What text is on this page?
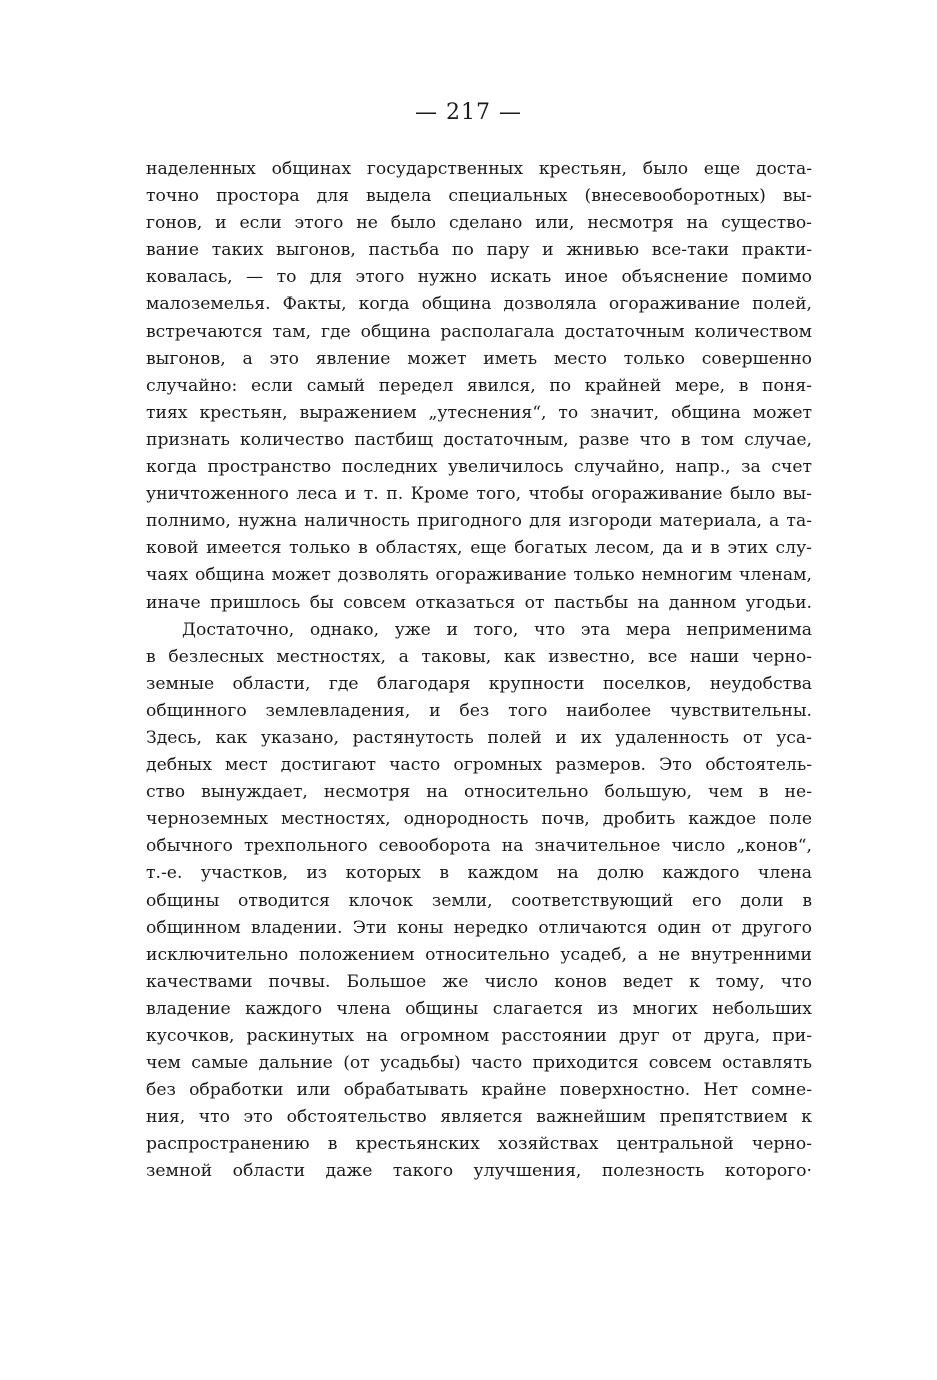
— 217 —
наделенных общинах государственных крестьян, было еще доста-
точно простора для выдела специальных (внесевооборотных) вы-
гонов, и если этого не было сделано или, несмотря на существо-
вание таких выгонов, пастьба по пару и жнивью все-таки практи-
ковалась, — то для этого нужно искать иное объяснение помимо
малоземелья. Факты, когда община дозволяла огораживание полей,
встречаются там, где община располагала достаточным количеством
выгонов, а это явление может иметь место только совершенно
случайно: если самый передел явился, по крайней мере, в поня-
тиях крестьян, выражением „утеснения“, то значит, община может
признать количество пастбищ достаточным, разве что в том случае,
когда пространство последних увеличилось случайно, напр., за счет
уничтоженного леса и т. п. Кроме того, чтобы огораживание было вы-
полнимо, нужна наличность пригодного для изгороди материала, а та-
ковой имеется только в областях, еще богатых лесом, да и в этих слу-
чаях община может дозволять огораживание только немногим членам,
иначе пришлось бы совсем отказаться от пастьбы на данном угодьи.
Достаточно, однако, уже и того, что эта мера неприменима
в безлесных местностях, а таковы, как известно, все наши черно-
земные области, где благодаря крупности поселков, неудобства
общинного землевладения, и без того наиболее чувствительны.
Здесь, как указано, растянутость полей и их удаленность от уса-
дебных мест достигают часто огромных размеров. Это обстоятель-
ство вынуждает, несмотря на относительно большую, чем в не-
черноземных местностях, однородность почв, дробить каждое поле
обычного трехпольного севооборота на значительное число „конов“,
т.-е. участков, из которых в каждом на долю каждого члена
общины отводится клочок земли, соответствующий его доли в
общинном владении. Эти коны нередко отличаются один от другого
исключительно положением относительно усадеб, а не внутренними
качествами почвы. Большое же число конов ведет к тому, что
владение каждого члена общины слагается из многих небольших
кусочков, раскинутых на огромном расстоянии друг от друга, при-
чем самые дальние (от усадьбы) часто приходится совсем оставлять
без обработки или обрабатывать крайне поверхностно. Нет сомне-
ния, что это обстоятельство является важнейшим препятствием к
распространению в крестьянских хозяйствах центральной черно-
земной области даже такого улучшения, полезность которого·
